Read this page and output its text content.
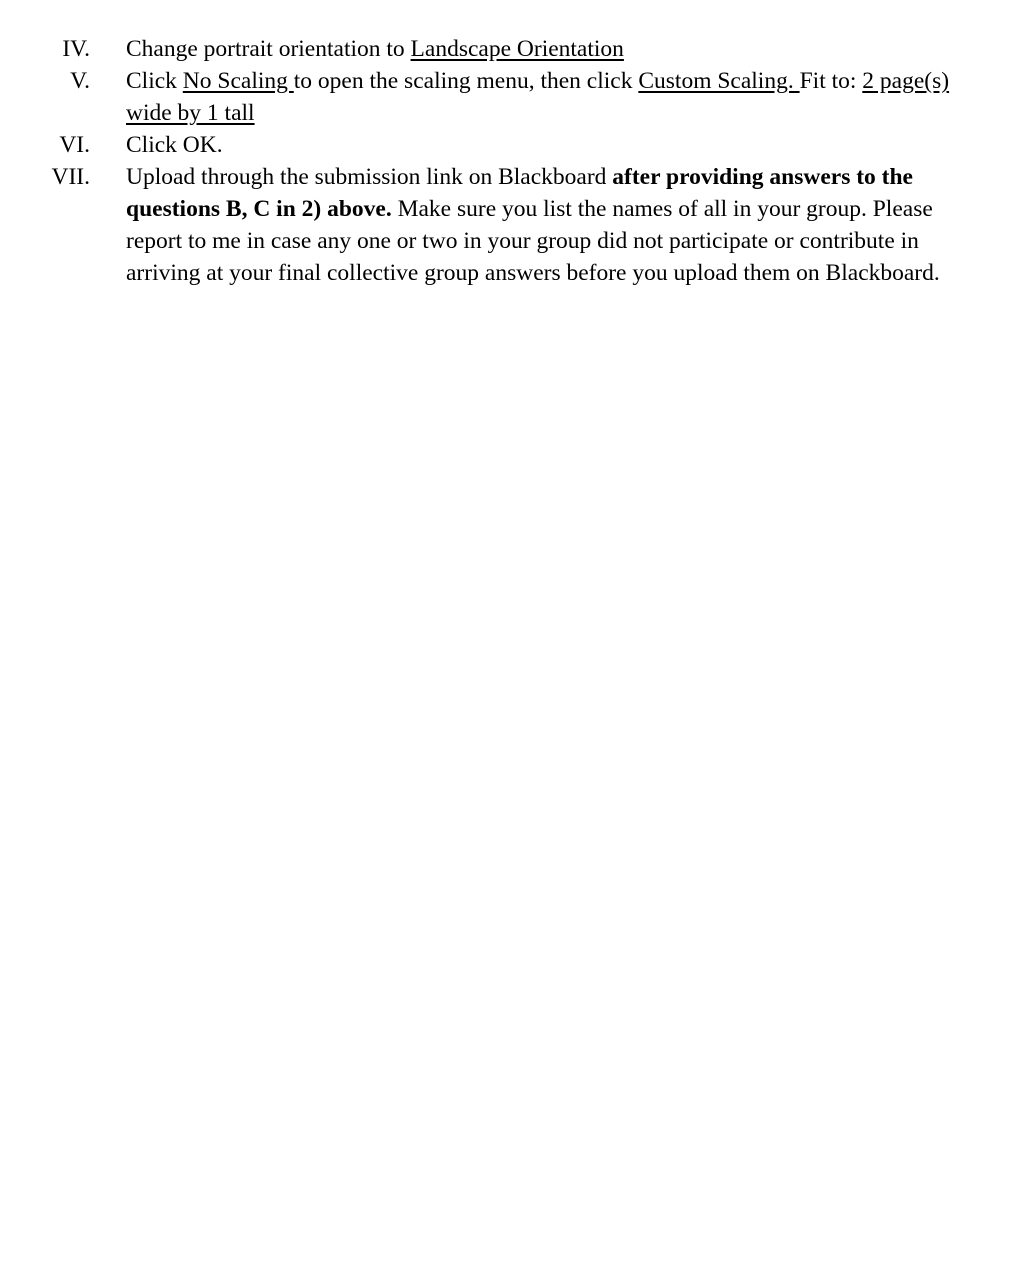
IV. Change portrait orientation to Landscape Orientation
V. Click No Scaling to open the scaling menu, then click Custom Scaling. Fit to: 2 page(s) wide by 1 tall
VI. Click OK.
VII. Upload through the submission link on Blackboard after providing answers to the questions B, C in 2) above. Make sure you list the names of all in your group. Please report to me in case any one or two in your group did not participate or contribute in arriving at your final collective group answers before you upload them on Blackboard.
